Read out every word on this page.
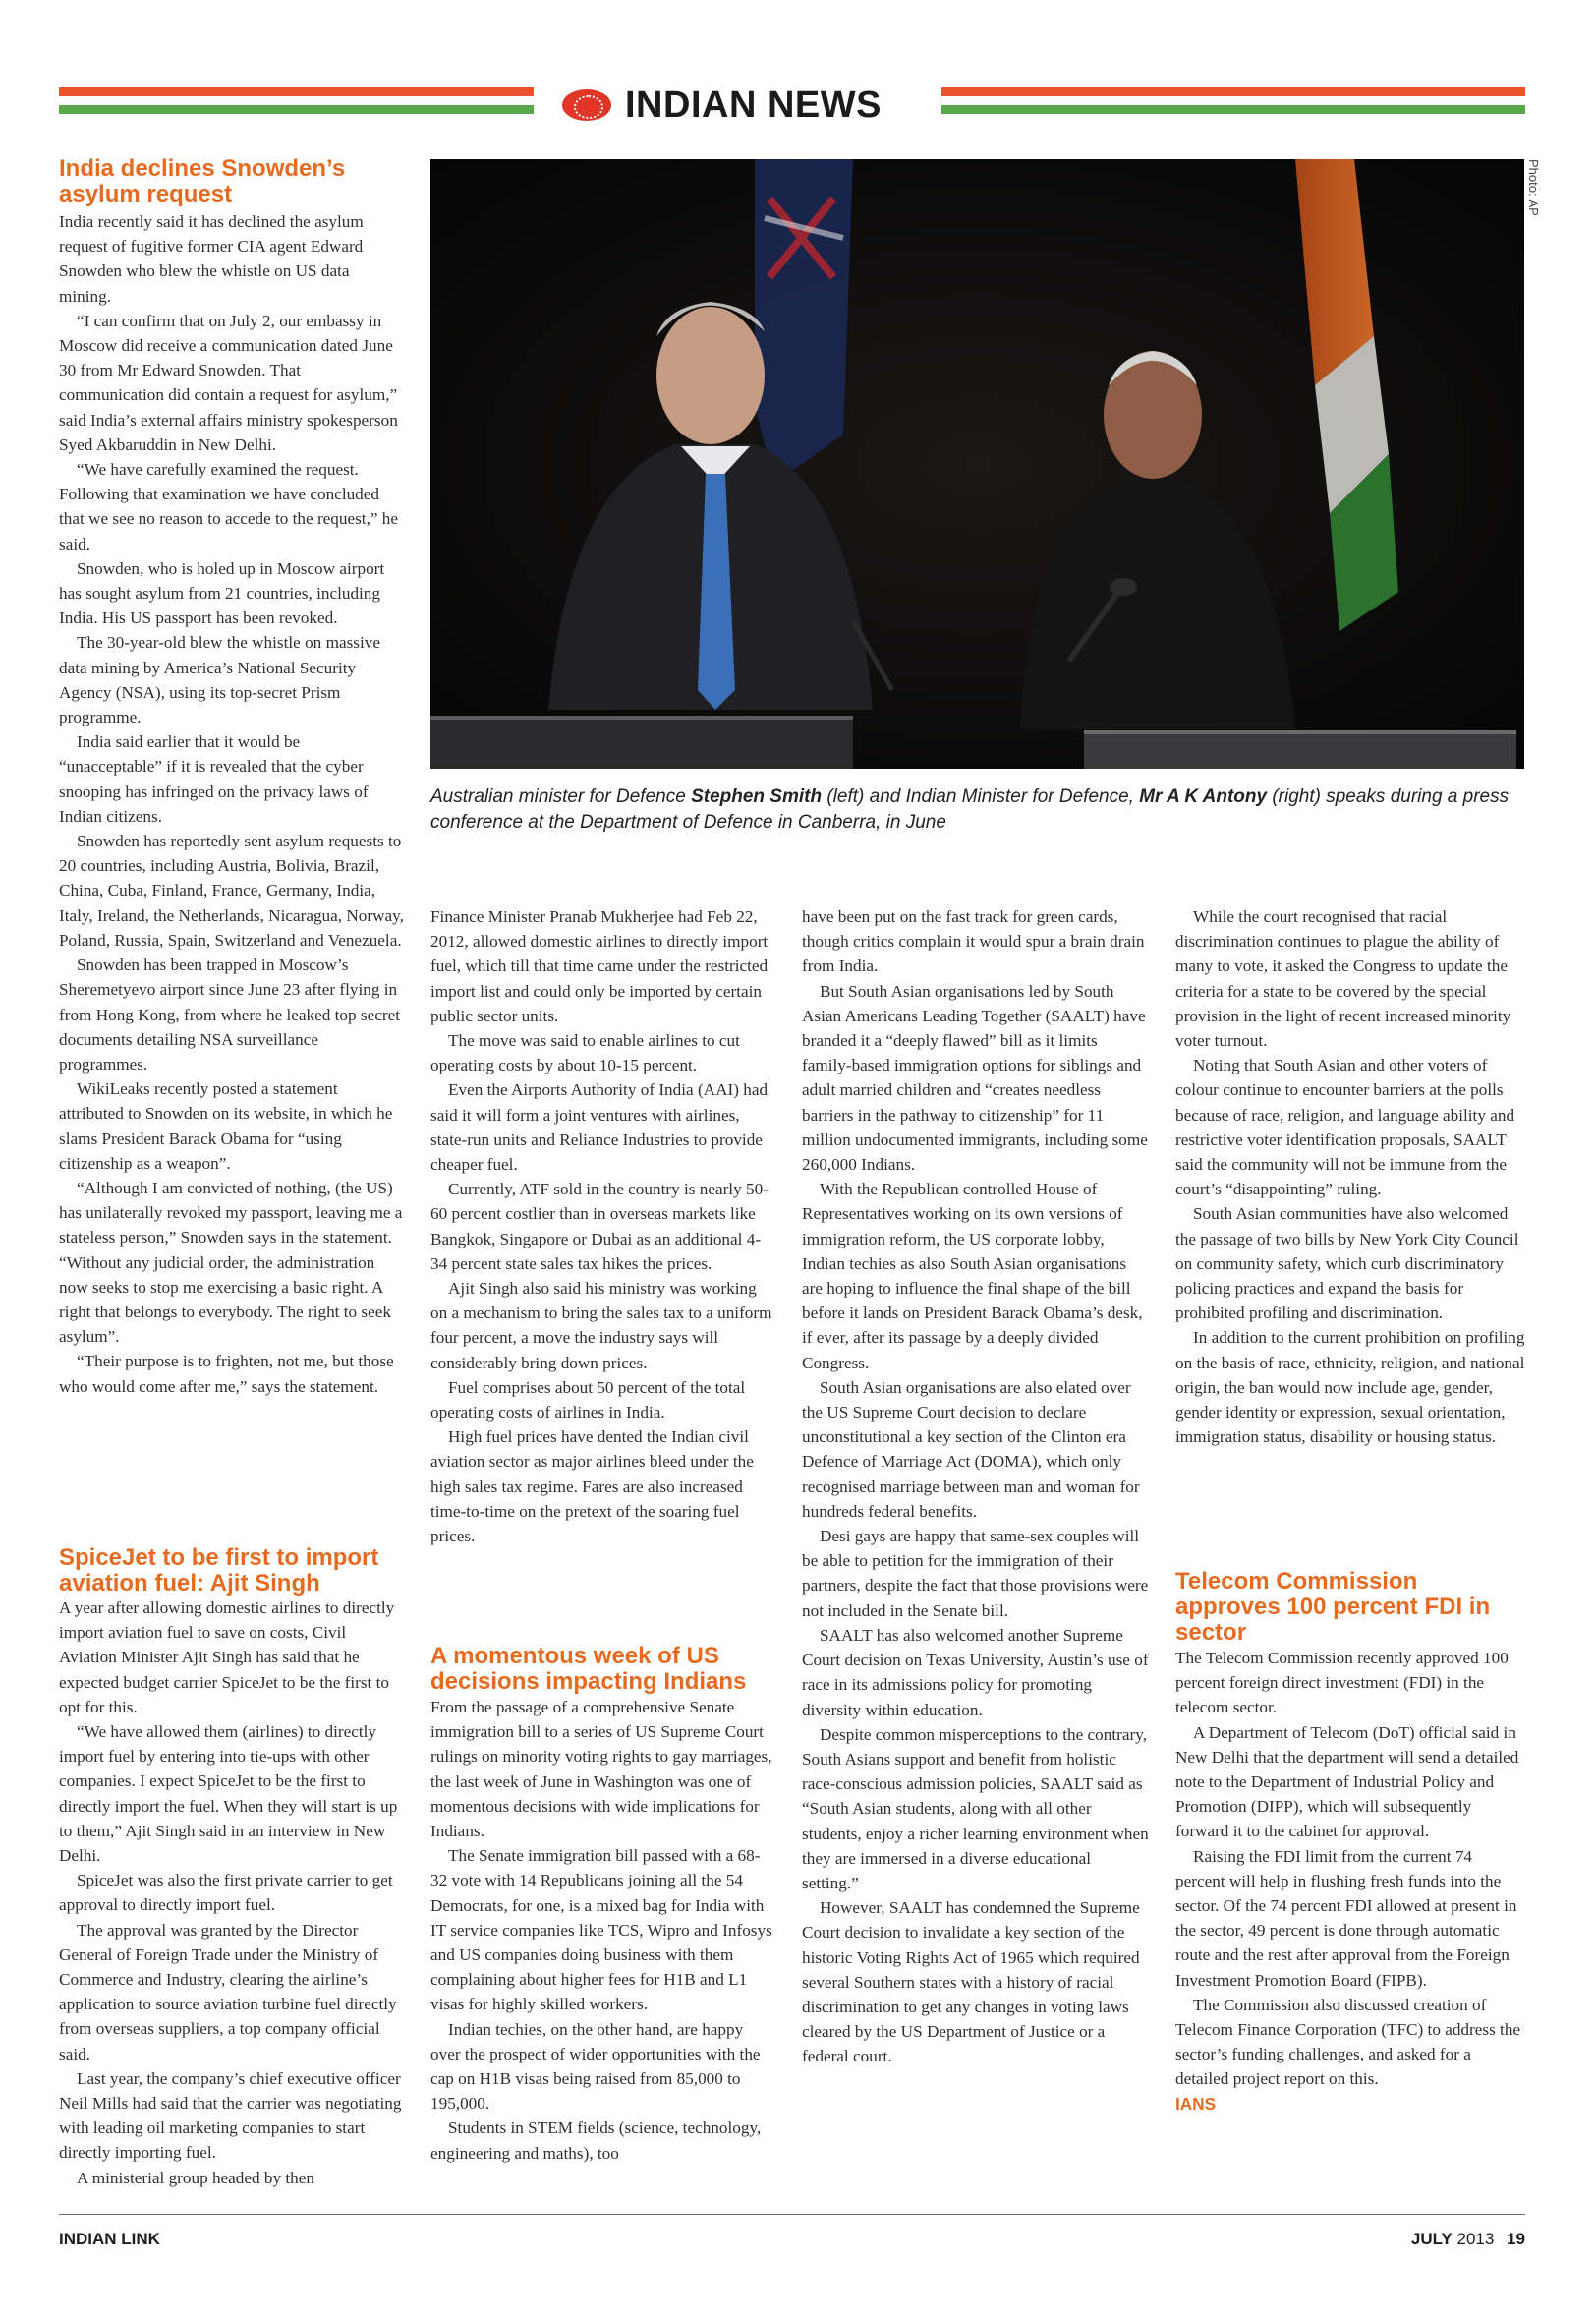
INDIAN NEWS
India declines Snowden’s asylum request

India recently said it has declined the asylum request of fugitive former CIA agent Edward Snowden who blew the whistle on US data mining.

“I can confirm that on July 2, our embassy in Moscow did receive a communication dated June 30 from Mr Edward Snowden. That communication did contain a request for asylum,” said India’s external affairs ministry spokesperson Syed Akbaruddin in New Delhi.

“We have carefully examined the request. Following that examination we have concluded that we see no reason to accede to the request,” he said.

Snowden, who is holed up in Moscow airport has sought asylum from 21 countries, including India. His US passport has been revoked.

The 30-year-old blew the whistle on massive data mining by America’s National Security Agency (NSA), using its top-secret Prism programme.

India said earlier that it would be “unacceptable” if it is revealed that the cyber snooping has infringed on the privacy laws of Indian citizens.

Snowden has reportedly sent asylum requests to 20 countries, including Austria, Bolivia, Brazil, China, Cuba, Finland, France, Germany, India, Italy, Ireland, the Netherlands, Nicaragua, Norway, Poland, Russia, Spain, Switzerland and Venezuela.

Snowden has been trapped in Moscow’s Sheremetyevo airport since June 23 after flying in from Hong Kong, from where he leaked top secret documents detailing NSA surveillance programmes.

WikiLeaks recently posted a statement attributed to Snowden on its website, in which he slams President Barack Obama for “using citizenship as a weapon”.

“Although I am convicted of nothing, (the US) has unilaterally revoked my passport, leaving me a stateless person,” Snowden says in the statement. “Without any judicial order, the administration now seeks to stop me exercising a basic right. A right that belongs to everybody. The right to seek asylum”.

“Their purpose is to frighten, not me, but those who would come after me,” says the statement.

SpiceJet to be first to import aviation fuel: Ajit Singh

A year after allowing domestic airlines to directly import aviation fuel to save on costs, Civil Aviation Minister Ajit Singh has said that he expected budget carrier SpiceJet to be the first to opt for this.

“We have allowed them (airlines) to directly import fuel by entering into tie-ups with other companies. I expect SpiceJet to be the first to directly import the fuel. When they will start is up to them,” Ajit Singh said in an interview in New Delhi.

SpiceJet was also the first private carrier to get approval to directly import fuel.

The approval was granted by the Director General of Foreign Trade under the Ministry of Commerce and Industry, clearing the airline’s application to source aviation turbine fuel directly from overseas suppliers, a top company official said.

Last year, the company’s chief executive officer Neil Mills had said that the carrier was negotiating with leading oil marketing companies to start directly importing fuel.

A ministerial group headed by then

Photo: AP
Australian minister for Defence Stephen Smith (left) and Indian Minister for Defence, Mr A K Antony (right) speaks during a press conference at the Department of Defence in Canberra, in June

Finance Minister Pranab Mukherjee had Feb 22, 2012, allowed domestic airlines to directly import fuel, which till that time came under the restricted import list and could only be imported by certain public sector units.

The move was said to enable airlines to cut operating costs by about 10-15 percent.

Even the Airports Authority of India (AAI) had said it will form a joint ventures with airlines, state-run units and Reliance Industries to provide cheaper fuel.

Currently, ATF sold in the country is nearly 50-60 percent costlier than in overseas markets like Bangkok, Singapore or Dubai as an additional 4-34 percent state sales tax hikes the prices.

Ajit Singh also said his ministry was working on a mechanism to bring the sales tax to a uniform four percent, a move the industry says will considerably bring down prices.

Fuel comprises about 50 percent of the total operating costs of airlines in India.

High fuel prices have dented the Indian civil aviation sector as major airlines bleed under the high sales tax regime. Fares are also increased time-to-time on the pretext of the soaring fuel prices.

A momentous week of US decisions impacting Indians

From the passage of a comprehensive Senate immigration bill to a series of US Supreme Court rulings on minority voting rights to gay marriages, the last week of June in Washington was one of momentous decisions with wide implications for Indians.

The Senate immigration bill passed with a 68-32 vote with 14 Republicans joining all the 54 Democrats, for one, is a mixed bag for India with IT service companies like TCS, Wipro and Infosys and US companies doing business with them complaining about higher fees for H1B and L1 visas for highly skilled workers.

Indian techies, on the other hand, are happy over the prospect of wider opportunities with the cap on H1B visas being raised from 85,000 to 195,000.

Students in STEM fields (science, technology, engineering and maths), too

have been put on the fast track for green cards, though critics complain it would spur a brain drain from India.

But South Asian organisations led by South Asian Americans Leading Together (SAALT) have branded it a “deeply flawed” bill as it limits family-based immigration options for siblings and adult married children and “creates needless barriers in the pathway to citizenship” for 11 million undocumented immigrants, including some 260,000 Indians.

With the Republican controlled House of Representatives working on its own versions of immigration reform, the US corporate lobby, Indian techies as also South Asian organisations are hoping to influence the final shape of the bill before it lands on President Barack Obama’s desk, if ever, after its passage by a deeply divided Congress.

South Asian organisations are also elated over the US Supreme Court decision to declare unconstitutional a key section of the Clinton era Defence of Marriage Act (DOMA), which only recognised marriage between man and woman for hundreds federal benefits.

Desi gays are happy that same-sex couples will be able to petition for the immigration of their partners, despite the fact that those provisions were not included in the Senate bill.

SAALT has also welcomed another Supreme Court decision on Texas University, Austin’s use of race in its admissions policy for promoting diversity within education.

Despite common misperceptions to the contrary, South Asians support and benefit from holistic race-conscious admission policies, SAALT said as “South Asian students, along with all other students, enjoy a richer learning environment when they are immersed in a diverse educational setting.”

However, SAALT has condemned the Supreme Court decision to invalidate a key section of the historic Voting Rights Act of 1965 which required several Southern states with a history of racial discrimination to get any changes in voting laws cleared by the US Department of Justice or a federal court.

While the court recognised that racial discrimination continues to plague the ability of many to vote, it asked the Congress to update the criteria for a state to be covered by the special provision in the light of recent increased minority voter turnout.

Noting that South Asian and other voters of colour continue to encounter barriers at the polls because of race, religion, and language ability and restrictive voter identification proposals, SAALT said the community will not be immune from the court’s “disappointing” ruling.

South Asian communities have also welcomed the passage of two bills by New York City Council on community safety, which curb discriminatory policing practices and expand the basis for prohibited profiling and discrimination.

In addition to the current prohibition on profiling on the basis of race, ethnicity, religion, and national origin, the ban would now include age, gender, gender identity or expression, sexual orientation, immigration status, disability or housing status.

Telecom Commission approves 100 percent FDI in sector

The Telecom Commission recently approved 100 percent foreign direct investment (FDI) in the telecom sector.

A Department of Telecom (DoT) official said in New Delhi that the department will send a detailed note to the Department of Industrial Policy and Promotion (DIPP), which will subsequently forward it to the cabinet for approval.

Raising the FDI limit from the current 74 percent will help in flushing fresh funds into the sector. Of the 74 percent FDI allowed at present in the sector, 49 percent is done through automatic route and the rest after approval from the Foreign Investment Promotion Board (FIPB).

The Commission also discussed creation of Telecom Finance Corporation (TFC) to address the sector’s funding challenges, and asked for a detailed project report on this.

IANS

INDIAN LINK	JULY 2013 19
